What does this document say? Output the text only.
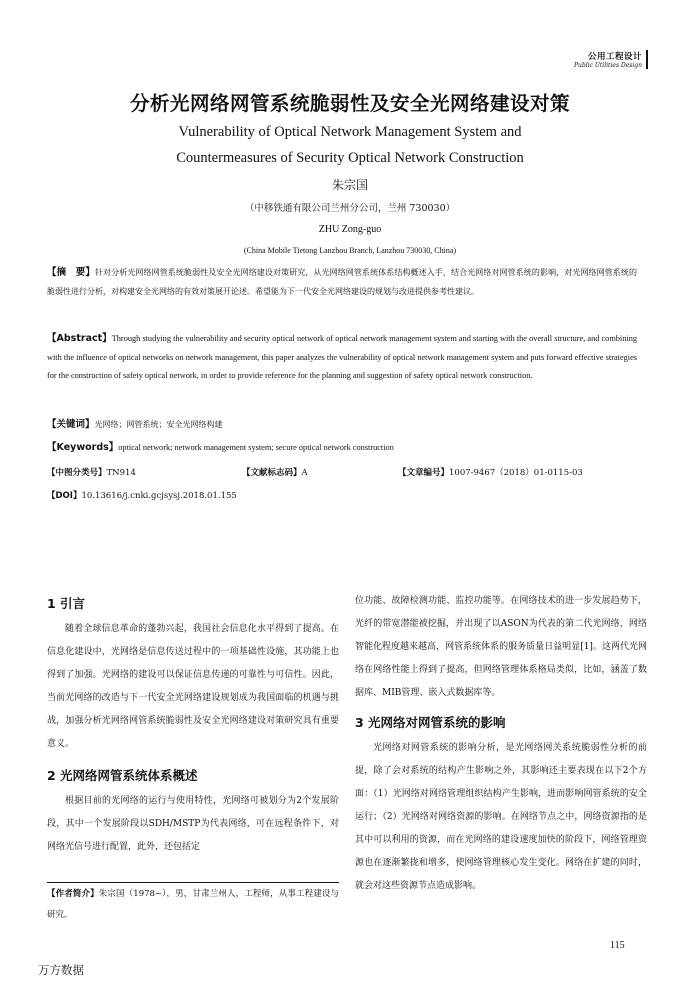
公用工程设计
Public Utilities Design
分析光网络网管系统脆弱性及安全光网络建设对策
Vulnerability of Optical Network Management System and
Countermeasures of Security Optical Network Construction
朱宗国
（中移铁通有限公司兰州分公司，兰州 730030）
ZHU Zong-guo
(China Mobile Tietong Lanzhou Branch, Lanzhou 730030, China)
【摘　要】针对分析光网络网管系统脆弱性及安全光网络建设对策研究，从光网络网管系统体系结构概述入手，结合光网络对网管系统的影响，对光网络网管系统的脆弱性进行分析，对构建安全光网络的有效对策展开论述。希望能为下一代安全光网络建设的规划与改进提供参考性建议。
【Abstract】Through studying the vulnerability and security optical network of optical network management system and starting with the overall structure, and combining with the influence of optical networks on network management, this paper analyzes the vulnerability of optical network management system and puts forward effective strategies for the construction of safety optical network, in order to provide reference for the planning and suggestion of safety optical network construction.
【关键词】光网络；网管系统；安全光网络构建
【Keywords】optical network; network management system; secure optical network construction
【中图分类号】TN914	【文献标志码】A	【文章编号】1007-9467（2018）01-0115-03
【DOI】10.13616/j.cnki.gcjsysj.2018.01.155
1 引言

随着全球信息革命的蓬勃兴起，我国社会信息化水平得到了提高。在信息化建设中，光网络是信息传送过程中的一项基础性设施，其功能上也得到了加强。光网络的建设可以保证信息传递的可靠性与可信性。因此，当前光网络的改造与下一代安全光网络建设规划成为我国面临的机遇与挑战，加强分析光网络网管系统脆弱性及安全光网络建设对策研究具有重要意义。

2 光网络网管系统体系概述

根据目前的光网络的运行与使用特性，光网络可被划分为2个发展阶段，其中一个发展阶段以SDH/MSTP为代表网络，可在远程条件下，对网络光信号进行配置，此外，还包括定

位功能、故障检测功能、监控功能等。在网络技术的进一步发展趋势下，光纤的带宽潜能被挖掘，并出现了以ASON为代表的第二代光网络，网络智能化程度越来越高，网管系统体系的服务质量日益明显[1]。这两代光网络在网络性能上得到了提高，但网络管理体系格局类似，比如，涵盖了数据库、MIB管理、嵌入式数据库等。

3 光网络对网管系统的影响

光网络对网管系统的影响分析，是光网络网关系统脆弱性分析的前提，除了会对系统的结构产生影响之外，其影响还主要表现在以下2个方面：（1）光网络对网络管理组织结构产生影响，进而影响网管系统的安全运行；（2）光网络对网络资源的影响。在网络节点之中，网络资源指的是其中可以利用的资源，而在光网络的建设速度加快的阶段下，网络管理资源也在逐渐繁拢和增多，使网络管理核心发生变化。网络在扩建的同时，就会对这些资源节点造成影响。

【作者简介】朱宗国（1978~），男，甘肃兰州人，工程师，从事工程建设与研究。
115
万方数据
